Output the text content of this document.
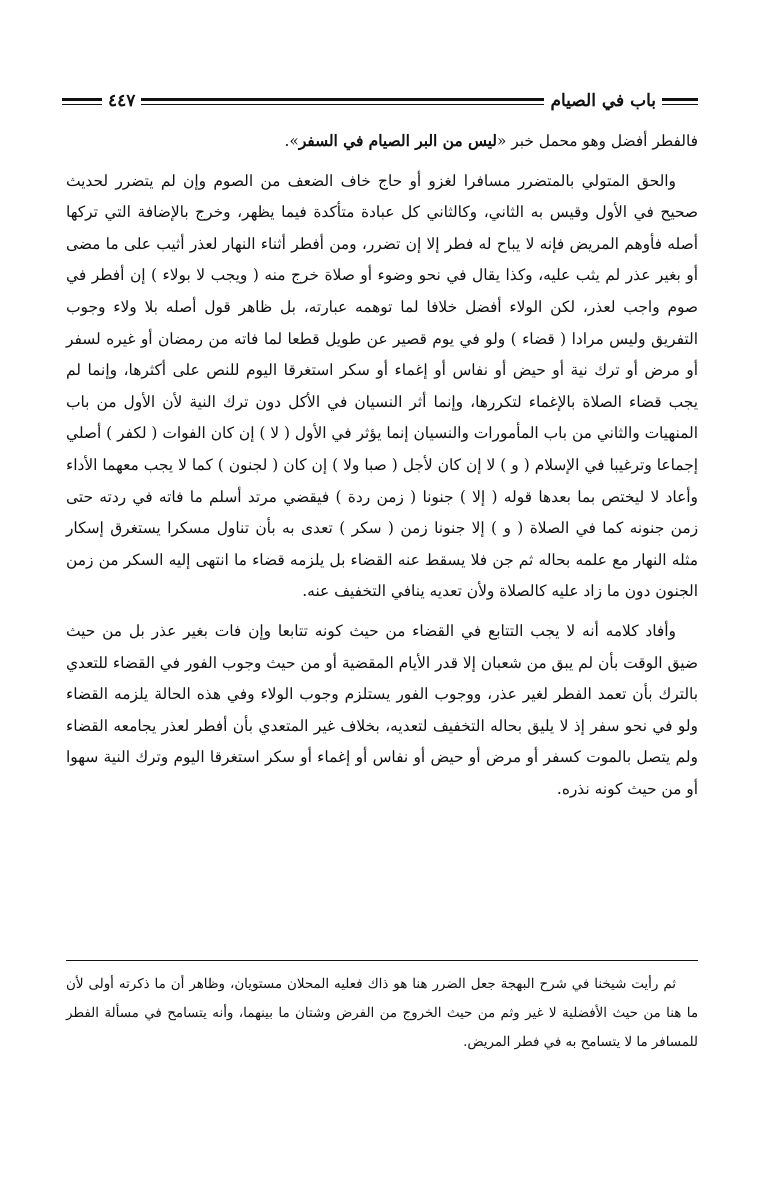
باب في الصيام
٤٤٧

فالفطر أفضل وهو محمل خبر «ليس من البر الصيام في السفر».

والحق المتولي بالمتضرر مسافرا لغزو أو حاج خاف الضعف من الصوم وإن لم يتضرر لحديث صحيح في الأول وقيس به الثاني، وكالثاني كل عبادة متأكدة فيما يظهر، وخرج بالإضافة التي تركها أصله فأوهم المريض فإنه لا يباح له فطر إلا إن تضرر، ومن أفطر أثناء النهار لعذر أثيب على ما مضى أو بغير عذر لم يثب عليه، وكذا يقال في نحو وضوء أو صلاة خرج منه ( ويجب لا بولاء ) إن أفطر في صوم واجب لعذر، لكن الولاء أفضل خلافا لما توهمه عبارته، بل ظاهر قول أصله بلا ولاء وجوب التفريق وليس مرادا ( قضاء ) ولو في يوم قصير عن طويل قطعا لما فاته من رمضان أو غيره لسفر أو مرض أو ترك نية أو حيض أو نفاس أو إغماء أو سكر استغرقا اليوم للنص على أكثرها، وإنما لم يجب قضاء الصلاة بالإغماء لتكررها، وإنما أثر النسيان في الأكل دون ترك النية لأن الأول من باب المنهيات والثاني من باب المأمورات والنسيان إنما يؤثر في الأول ( لا ) إن كان الفوات ( لكفر ) أصلي إجماعا وترغيبا في الإسلام ( و ) لا إن كان لأجل ( صبا ولا ) إن كان ( لجنون ) كما لا يجب معهما الأداء وأعاد لا ليختص بما بعدها قوله ( إلا ) جنونا ( زمن ردة ) فيقضي مرتد أسلم ما فاته في ردته حتى زمن جنونه كما في الصلاة ( و ) إلا جنونا زمن ( سكر ) تعدى به بأن تناول مسكرا يستغرق إسكار مثله النهار مع علمه بحاله ثم جن فلا يسقط عنه القضاء بل يلزمه قضاء ما انتهى إليه السكر من زمن الجنون دون ما زاد عليه كالصلاة ولأن تعديه ينافي التخفيف عنه.

وأفاد كلامه أنه لا يجب التتابع في القضاء من حيث كونه تتابعا وإن فات بغير عذر بل من حيث ضيق الوقت بأن لم يبق من شعبان إلا قدر الأيام المقضية أو من حيث وجوب الفور في القضاء للتعدي بالترك بأن تعمد الفطر لغير عذر، ووجوب الفور يستلزم وجوب الولاء وفي هذه الحالة يلزمه القضاء ولو في نحو سفر إذ لا يليق بحاله التخفيف لتعديه، بخلاف غير المتعدي بأن أفطر لعذر يجامعه القضاء ولم يتصل بالموت كسفر أو مرض أو حيض أو نفاس أو إغماء أو سكر استغرقا اليوم وترك النية سهوا أو من حيث كونه نذره.

ثم رأيت شيخنا في شرح البهجة جعل الضرر هنا هو ذاك فعليه المحلان مستويان، وظاهر أن ما ذكرته أولى لأن ما هنا من حيث الأفضلية لا غير وثم من حيث الخروج من الفرض وشتان ما بينهما، وأنه يتسامح في مسألة الفطر للمسافر ما لا يتسامح به في فطر المريض.
